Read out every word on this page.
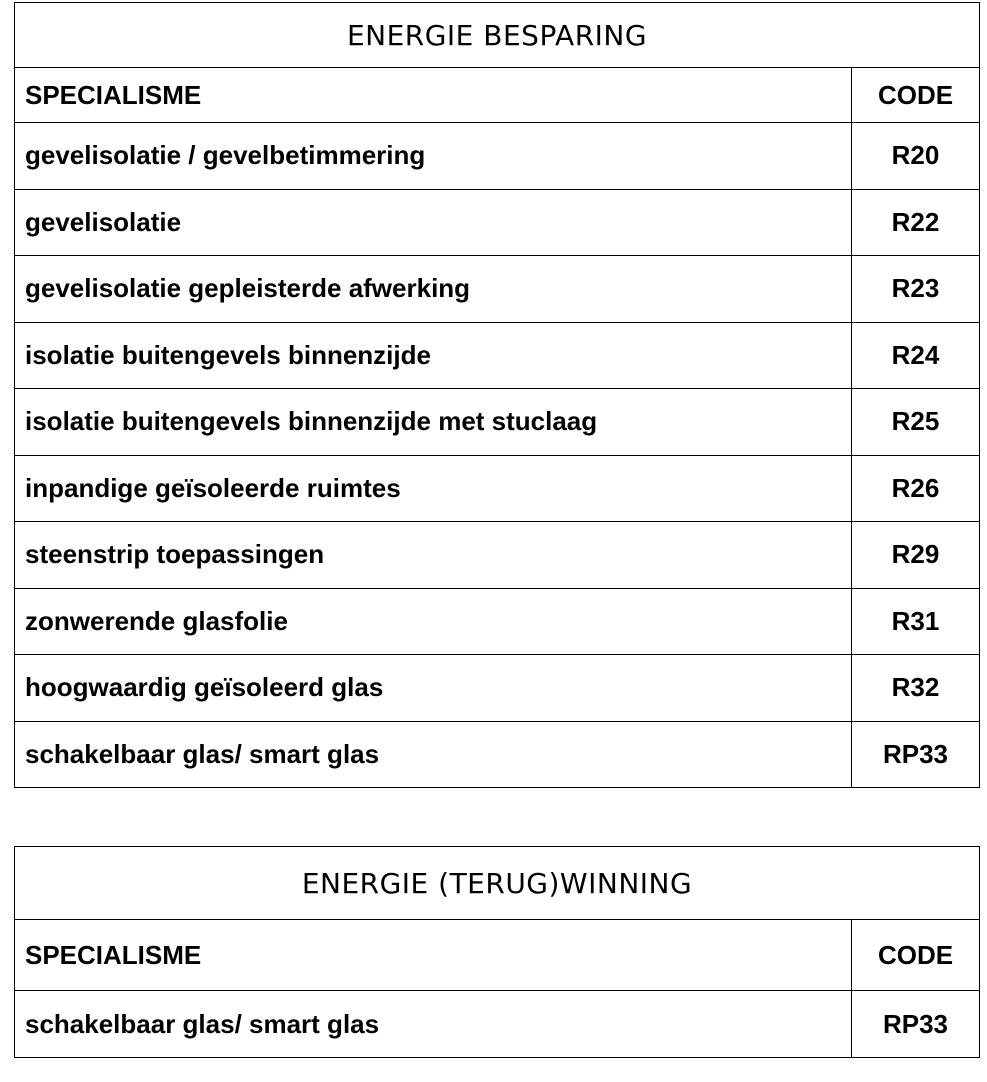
ENERGIE BESPARING
SPECIALISME	CODE
gevelisolatie / gevelbetimmering	R20
gevelisolatie	R22
gevelisolatie gepleisterde afwerking	R23
isolatie buitengevels binnenzijde	R24
isolatie buitengevels binnenzijde met stuclaag	R25
inpandige geïsoleerde ruimtes	R26
steenstrip toepassingen	R29
zonwerende glasfolie	R31
hoogwaardig geïsoleerd glas	R32
schakelbaar glas/ smart glas	RP33
ENERGIE (TERUG)WINNING
SPECIALISME	CODE
schakelbaar glas/ smart glas	RP33
